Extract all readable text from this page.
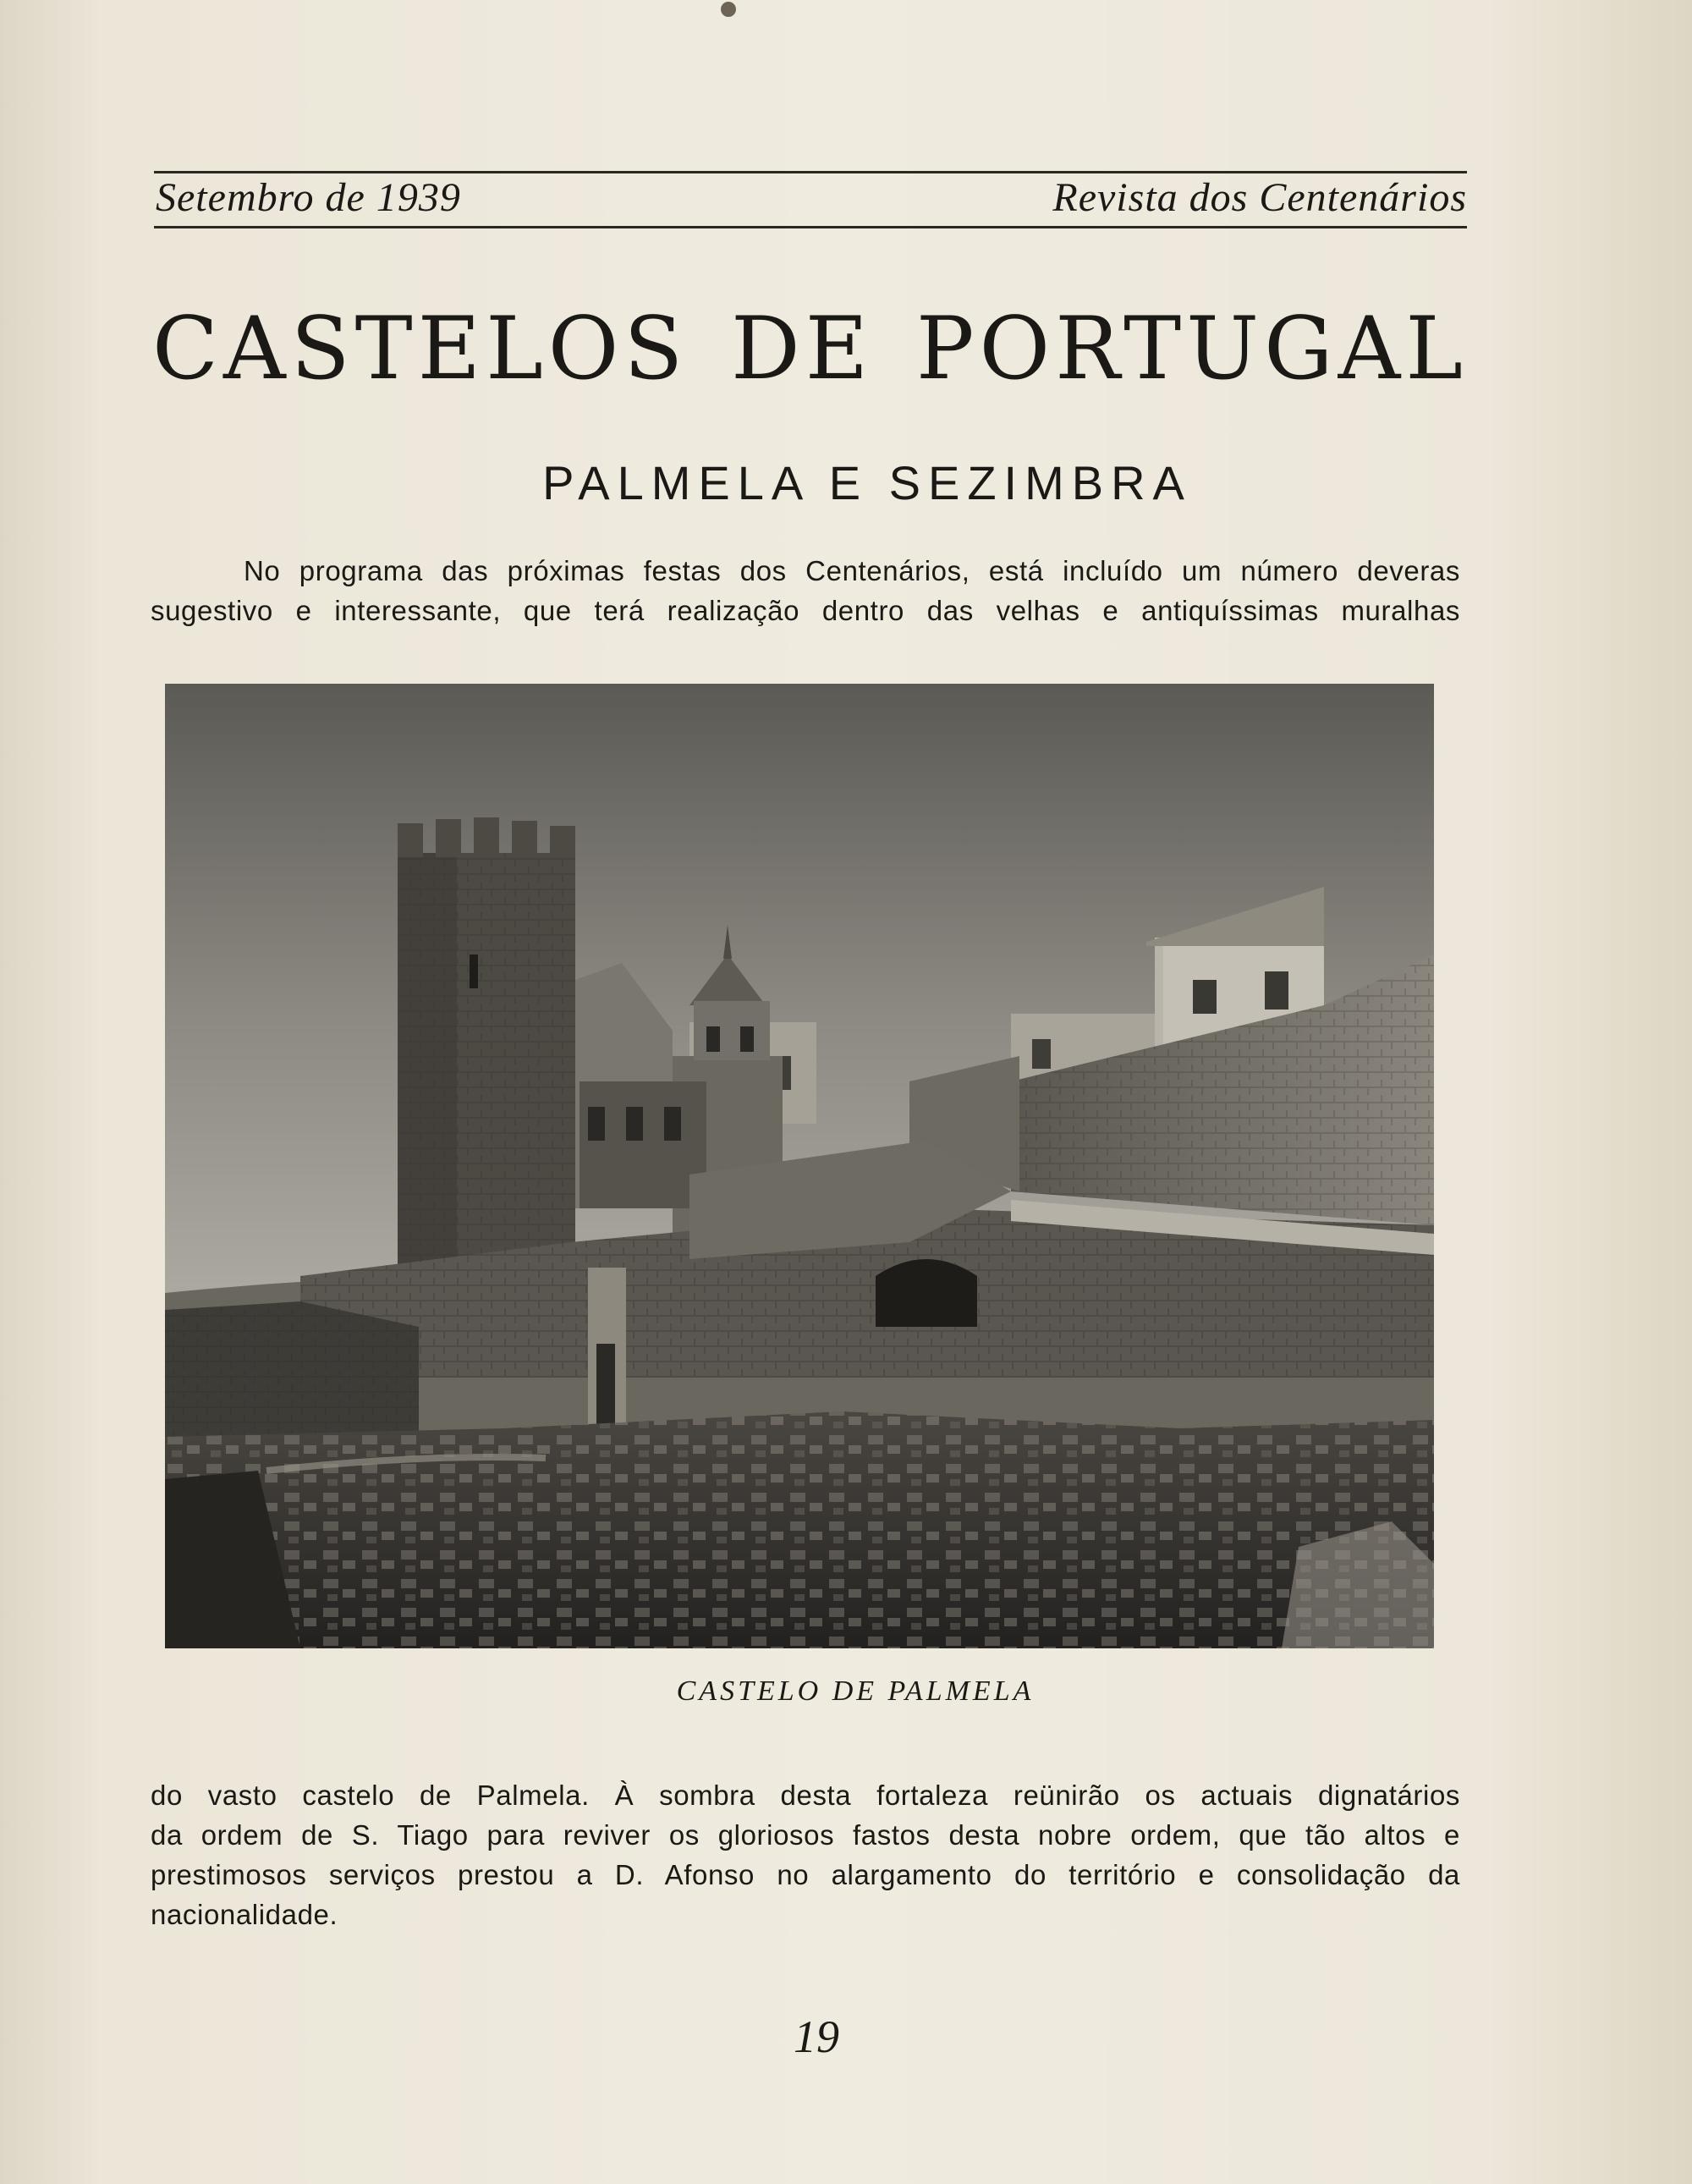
Setembro de 1939	Revista dos Centenários
CASTELOS DE PORTUGAL
PALMELA E SEZIMBRA
No programa das próximas festas dos Centenários, está incluído um número deveras
sugestivo e interessante, que terá realização dentro das velhas e antiquíssimas muralhas
CASTELO DE PALMELA
do vasto castelo de Palmela. À sombra desta fortaleza reünirão os actuais dignatários
da ordem de S. Tiago para reviver os gloriosos fastos desta nobre ordem, que tão altos e
prestimosos serviços prestou a D. Afonso no alargamento do território e consolidação da
nacionalidade.
19
